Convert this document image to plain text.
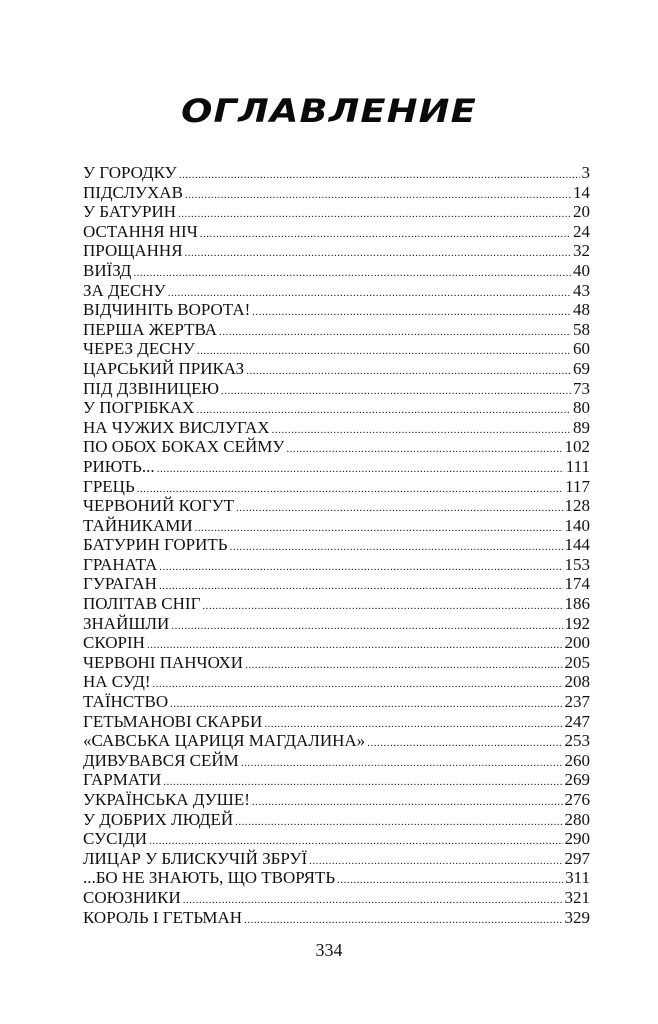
ОГЛАВЛЕНИЕ
У ГОРОДКУ .....	3
ПІДСЛУХАВ .....	14
У БАТУРИН .....	20
ОСТАННЯ НІЧ .....	24
ПРОЩАННЯ .....	32
ВИЇЗД .....	40
ЗА ДЕСНУ .....	43
ВІДЧИНІТЬ ВОРОТА! .....	48
ПЕРША ЖЕРТВА .....	58
ЧЕРЕЗ ДЕСНУ .....	60
ЦАРСЬКИЙ ПРИКАЗ .....	69
ПІД ДЗВІНИЦЕЮ .....	73
У ПОГРІБКАХ .....	80
НА ЧУЖИХ ВИСЛУГАХ .....	89
ПО ОБОХ БОКАХ СЕЙМУ .....	102
РИЮТЬ... .....	111
ГРЕЦЬ .....	117
ЧЕРВОНИЙ КОГУТ .....	128
ТАЙНИКАМИ .....	140
БАТУРИН ГОРИТЬ .....	144
ГРАНАТА .....	153
ГУРАГАН .....	174
ПОЛІТАВ СНІГ .....	186
ЗНАЙШЛИ .....	192
СКОРІН .....	200
ЧЕРВОНІ ПАНЧОХИ .....	205
НА СУД! .....	208
ТАЇНСТВО .....	237
ГЕТЬМАНОВІ СКАРБИ .....	247
«САВСЬКА ЦАРИЦЯ МАГДАЛИНА» .....	253
ДИВУВАВСЯ СЕЙМ .....	260
ГАРМАТИ .....	269
УКРАЇНСЬКА ДУШЕ! .....	276
У ДОБРИХ ЛЮДЕЙ .....	280
СУСІДИ .....	290
ЛИЦАР У БЛИСКУЧІЙ ЗБРУЇ .....	297
...БО НЕ ЗНАЮТЬ, ЩО ТВОРЯТЬ .....	311
СОЮЗНИКИ .....	321
КОРОЛЬ І ГЕТЬМАН .....	329
334
